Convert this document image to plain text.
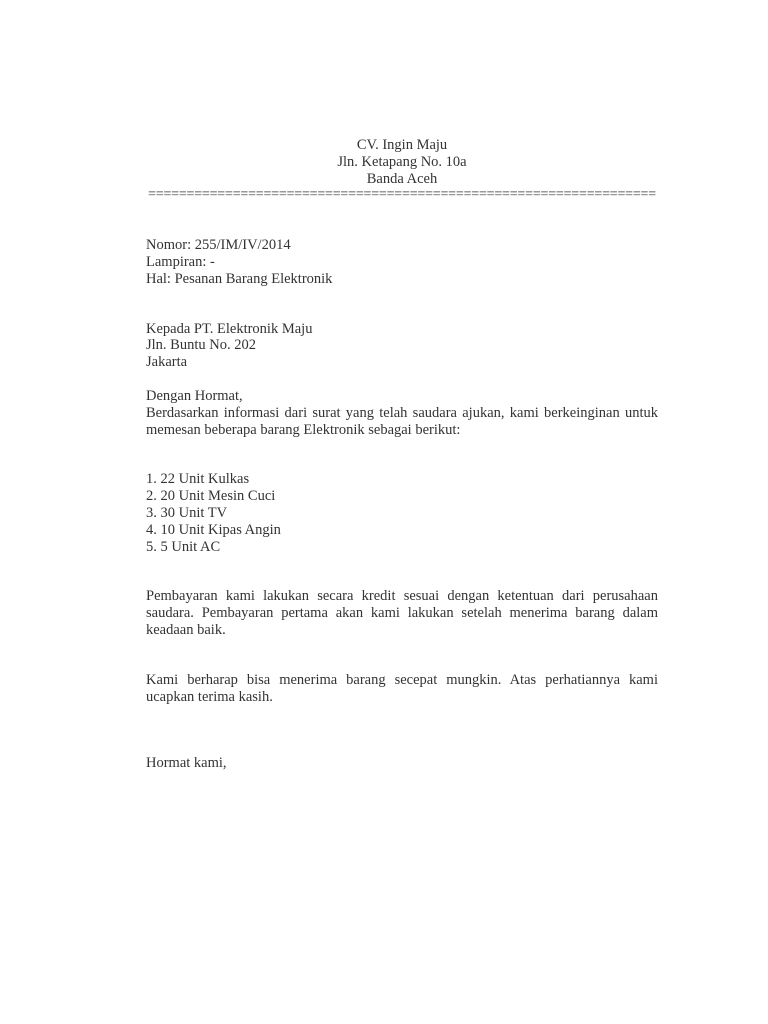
CV. Ingin Maju
Jln. Ketapang No. 10a
Banda Aceh
==================================================================
Nomor: 255/IM/IV/2014
Lampiran: -
Hal: Pesanan Barang Elektronik
Kepada PT. Elektronik Maju
Jln. Buntu No. 202
Jakarta
Dengan Hormat,
Berdasarkan informasi dari surat yang telah saudara ajukan, kami berkeinginan untuk memesan beberapa barang Elektronik sebagai berikut:
1. 22 Unit Kulkas
2. 20 Unit Mesin Cuci
3. 30 Unit TV
4. 10 Unit Kipas Angin
5. 5 Unit AC
Pembayaran kami lakukan secara kredit sesuai dengan ketentuan dari perusahaan saudara. Pembayaran pertama akan kami lakukan setelah menerima barang dalam keadaan baik.
Kami berharap bisa menerima barang secepat mungkin. Atas perhatiannya kami ucapkan terima kasih.
Hormat kami,
